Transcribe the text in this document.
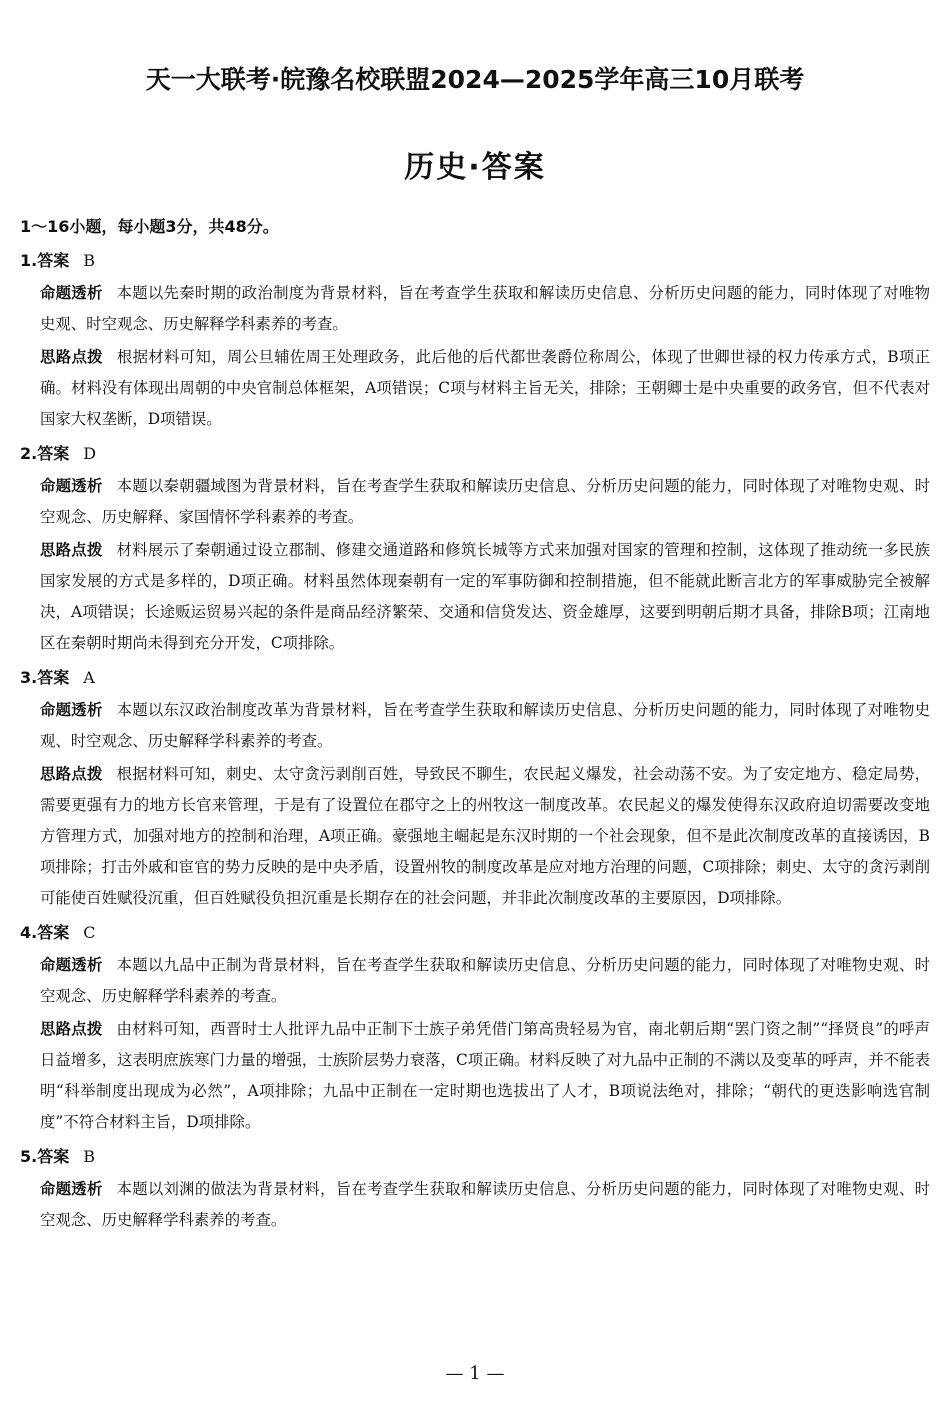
天一大联考·皖豫名校联盟2024—2025学年高三10月联考
历史·答案
1～16小题，每小题3分，共48分。
1.答案 B
命题透析 本题以先秦时期的政治制度为背景材料，旨在考查学生获取和解读历史信息、分析历史问题的能力，同时体现了对唯物史观、时空观念、历史解释学科素养的考查。
思路点拨 根据材料可知，周公旦辅佐周王处理政务，此后他的后代都世袭爵位称周公，体现了世卿世禄的权力传承方式，B项正确。材料没有体现出周朝的中央官制总体框架，A项错误；C项与材料主旨无关，排除；王朝卿士是中央重要的政务官，但不代表对国家大权垄断，D项错误。
2.答案 D
命题透析 本题以秦朝疆域图为背景材料，旨在考查学生获取和解读历史信息、分析历史问题的能力，同时体现了对唯物史观、时空观念、历史解释、家国情怀学科素养的考查。
思路点拨 材料展示了秦朝通过设立郡制、修建交通道路和修筑长城等方式来加强对国家的管理和控制，这体现了推动统一多民族国家发展的方式是多样的，D项正确。材料虽然体现秦朝有一定的军事防御和控制措施，但不能就此断言北方的军事威胁完全被解决，A项错误；长途贩运贸易兴起的条件是商品经济繁荣、交通和信贷发达、资金雄厚，这要到明朝后期才具备，排除B项；江南地区在秦朝时期尚未得到充分开发，C项排除。
3.答案 A
命题透析 本题以东汉政治制度改革为背景材料，旨在考查学生获取和解读历史信息、分析历史问题的能力，同时体现了对唯物史观、时空观念、历史解释学科素养的考查。
思路点拨 根据材料可知，刺史、太守贪污剥削百姓，导致民不聊生，农民起义爆发，社会动荡不安。为了安定地方、稳定局势，需要更强有力的地方长官来管理，于是有了设置位在郡守之上的州牧这一制度改革。农民起义的爆发使得东汉政府迫切需要改变地方管理方式，加强对地方的控制和治理，A项正确。豪强地主崛起是东汉时期的一个社会现象，但不是此次制度改革的直接诱因，B项排除；打击外戚和宦官的势力反映的是中央矛盾，设置州牧的制度改革是应对地方治理的问题，C项排除；刺史、太守的贪污剥削可能使百姓赋役沉重，但百姓赋役负担沉重是长期存在的社会问题，并非此次制度改革的主要原因，D项排除。
4.答案 C
命题透析 本题以九品中正制为背景材料，旨在考查学生获取和解读历史信息、分析历史问题的能力，同时体现了对唯物史观、时空观念、历史解释学科素养的考查。
思路点拨 由材料可知，西晋时士人批评九品中正制下士族子弟凭借门第高贵轻易为官，南北朝后期“罢门资之制”“择贤良”的呼声日益增多，这表明庶族寒门力量的增强，士族阶层势力衰落，C项正确。材料反映了对九品中正制的不满以及变革的呼声，并不能表明“科举制度出现成为必然”，A项排除；九品中正制在一定时期也选拔出了人才，B项说法绝对，排除；“朝代的更迭影响选官制度”不符合材料主旨，D项排除。
5.答案 B
命题透析 本题以刘渊的做法为背景材料，旨在考查学生获取和解读历史信息、分析历史问题的能力，同时体现了对唯物史观、时空观念、历史解释学科素养的考查。
— 1 —
